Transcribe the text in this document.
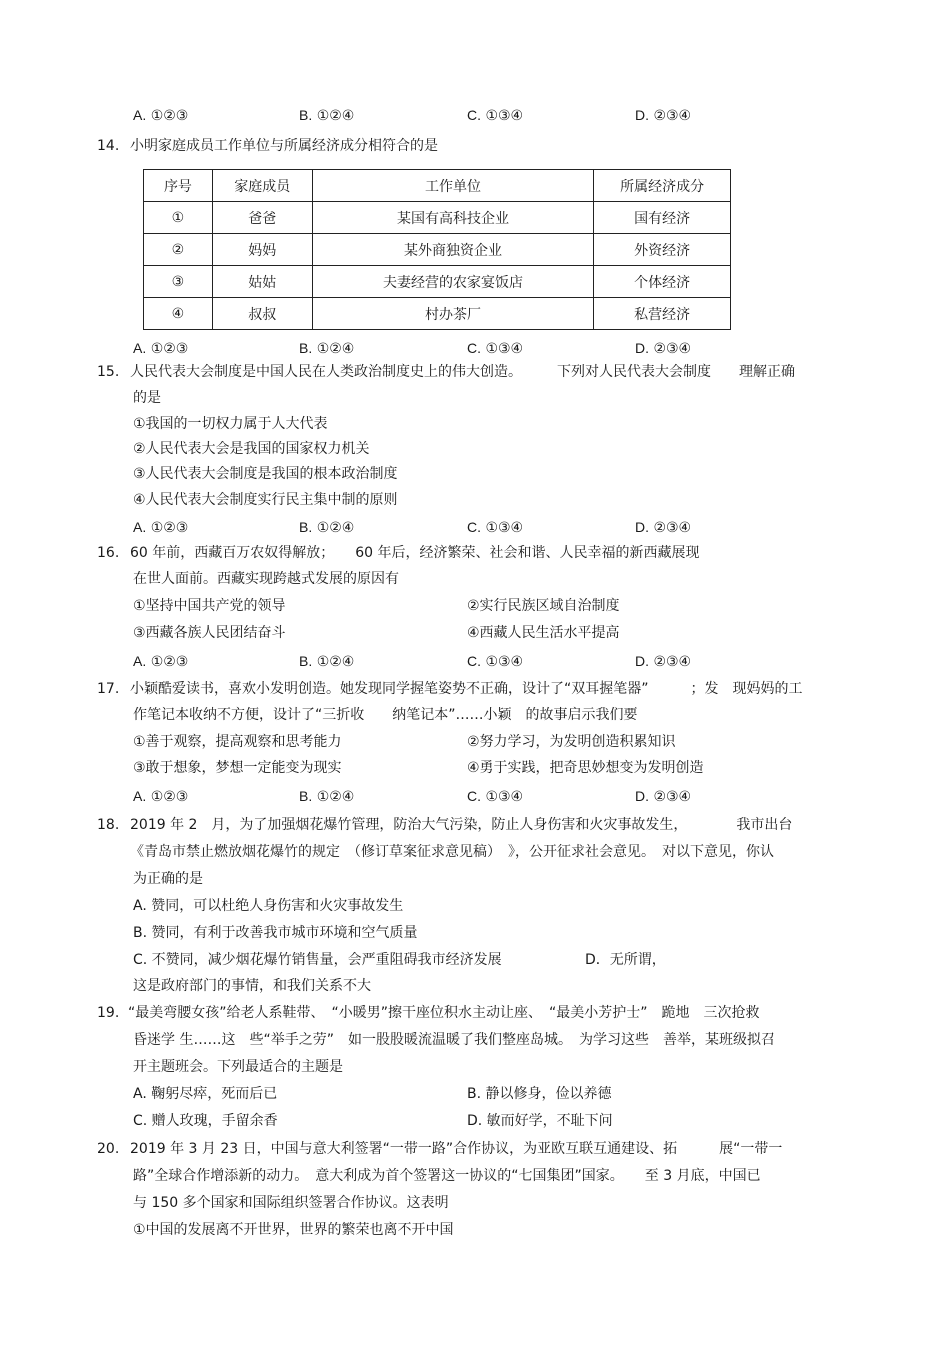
A. ①②③	B. ①②④	C. ①③④	D. ②③④
14. 小明家庭成员工作单位与所属经济成分相符合的是
序号	家庭成员	工作单位	所属经济成分
①	爸爸	某国有高科技企业	国有经济
②	妈妈	某外商独资企业	外资经济
③	姑姑	夫妻经营的农家宴饭店	个体经济
④	叔叔	村办茶厂	私营经济
A. ①②③	B. ①②④	C. ①③④	D. ②③④
15. 人民代表大会制度是中国人民在人类政治制度史上的伟大创造。　　　下列对人民代表大会制度　　理解正确
的是
①我国的一切权力属于人大代表
②人民代表大会是我国的国家权力机关
③人民代表大会制度是我国的根本政治制度
④人民代表大会制度实行民主集中制的原则
A. ①②③	B. ①②④	C. ①③④	D. ②③④
16. 60 年前，西藏百万农奴得解放；　　60 年后，经济繁荣、社会和谐、人民幸福的新西藏展现
在世人面前。西藏实现跨越式发展的原因有
①坚持中国共产党的领导	②实行民族区域自治制度
③西藏各族人民团结奋斗	④西藏人民生活水平提高
A. ①②③	B. ①②④	C. ①③④	D. ②③④
17. 小颖酷爱读书，喜欢小发明创造。她发现同学握笔姿势不正确，设计了“双耳握笔器”　　　；发　现妈妈的工
作笔记本收纳不方便，设计了“三折收　　纳笔记本”……小颖　的故事启示我们要
①善于观察，提高观察和思考能力	②努力学习，为发明创造积累知识
③敢于想象，梦想一定能变为现实	④勇于实践，把奇思妙想变为发明创造
A. ①②③	B. ①②④	C. ①③④	D. ②③④
18. 2019 年 2　月，为了加强烟花爆竹管理，防治大气污染，防止人身伤害和火灾事故发生，　　　　我市出台
《青岛市禁止燃放烟花爆竹的规定　（修订草案征求意见稿）　》，公开征求社会意见。　对以下意见，你认
为正确的是
A. 赞同，可以杜绝人身伤害和火灾事故发生
B. 赞同，有利于改善我市城市环境和空气质量
C. 不赞同，减少烟花爆竹销售量，会严重阻碍我市经济发展	D．无所谓，
这是政府部门的事情，和我们关系不大
19. “最美弯腰女孩”给老人系鞋带、　“小暖男”擦干座位积水主动让座、　“最美小芳护士”　跪地　三次抢救
昏迷学 生……这　些“举手之劳”　如一股股暖流温暖了我们整座岛城。　为学习这些　善举，某班级拟召
开主题班会。下列最适合的主题是
A. 鞠躬尽瘁，死而后已	B. 静以修身，俭以养德
C. 赠人玫瑰，手留余香	D. 敏而好学，不耻下问
20. 2019 年 3 月 23 日，中国与意大利签署“一带一路”合作协议，为亚欧互联互通建设、拓　　　展“一带一
路”全球合作增添新的动力。　意大利成为首个签署这一协议的“七国集团”国家。　　至 3 月底，中国已
与 150 多个国家和国际组织签署合作协议。这表明
①中国的发展离不开世界，世界的繁荣也离不开中国
